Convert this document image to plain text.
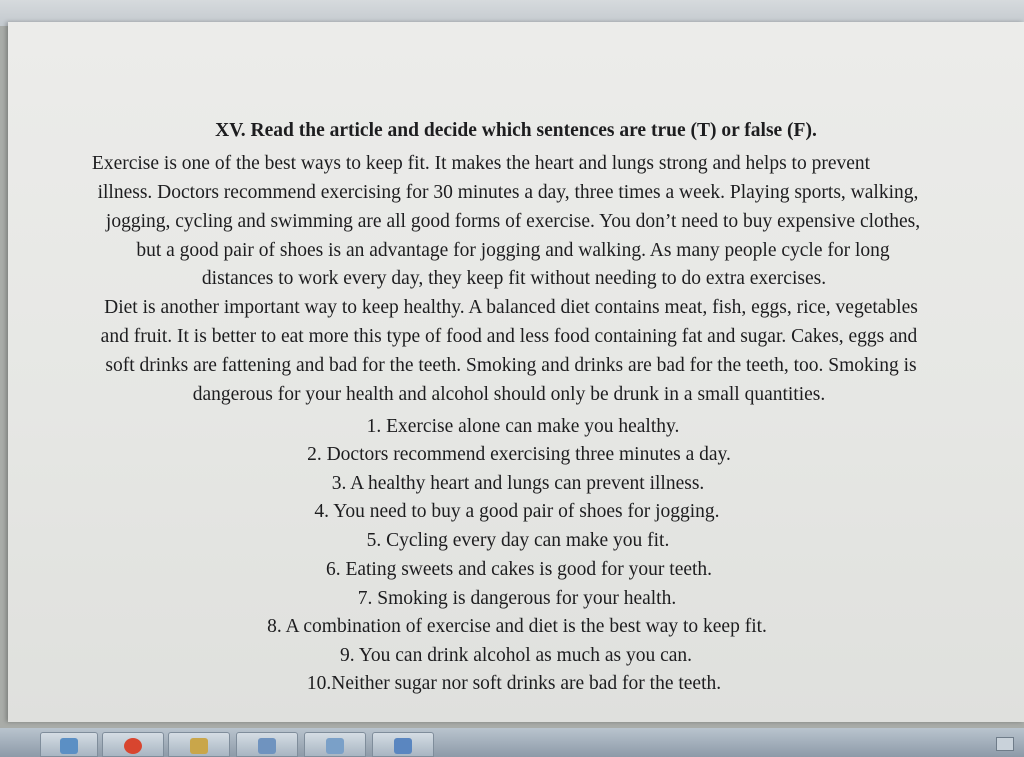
XV. Read the article and decide which sentences are true (T) or false (F).
Exercise is one of the best ways to keep fit. It makes the heart and lungs strong and helps to prevent
illness. Doctors recommend exercising for 30 minutes a day, three times a week. Playing sports, walking,
jogging, cycling and swimming are all good forms of exercise. You don’t need to buy expensive clothes,
but a good pair of shoes is an advantage for jogging and walking. As many people cycle for long
distances to work every day, they keep fit without needing to do extra exercises.
Diet is another important way to keep healthy. A balanced diet contains meat, fish, eggs, rice, vegetables
and fruit. It is better to eat more this type of food and less food containing fat and sugar. Cakes, eggs and
soft drinks are fattening and bad for the teeth. Smoking and drinks are bad for the teeth, too. Smoking is
dangerous for your health and alcohol should only be drunk in a small quantities.
1. Exercise alone can make you healthy.
2. Doctors recommend exercising three minutes a day.
3. A healthy heart and lungs can prevent illness.
4. You need to buy a good pair of shoes for jogging.
5. Cycling every day can make you fit.
6. Eating sweets and cakes is good for your teeth.
7. Smoking is dangerous for your health.
8. A combination of exercise and diet is the best way to keep fit.
9. You can drink alcohol as much as you can.
10.Neither sugar nor soft drinks are bad for the teeth.
